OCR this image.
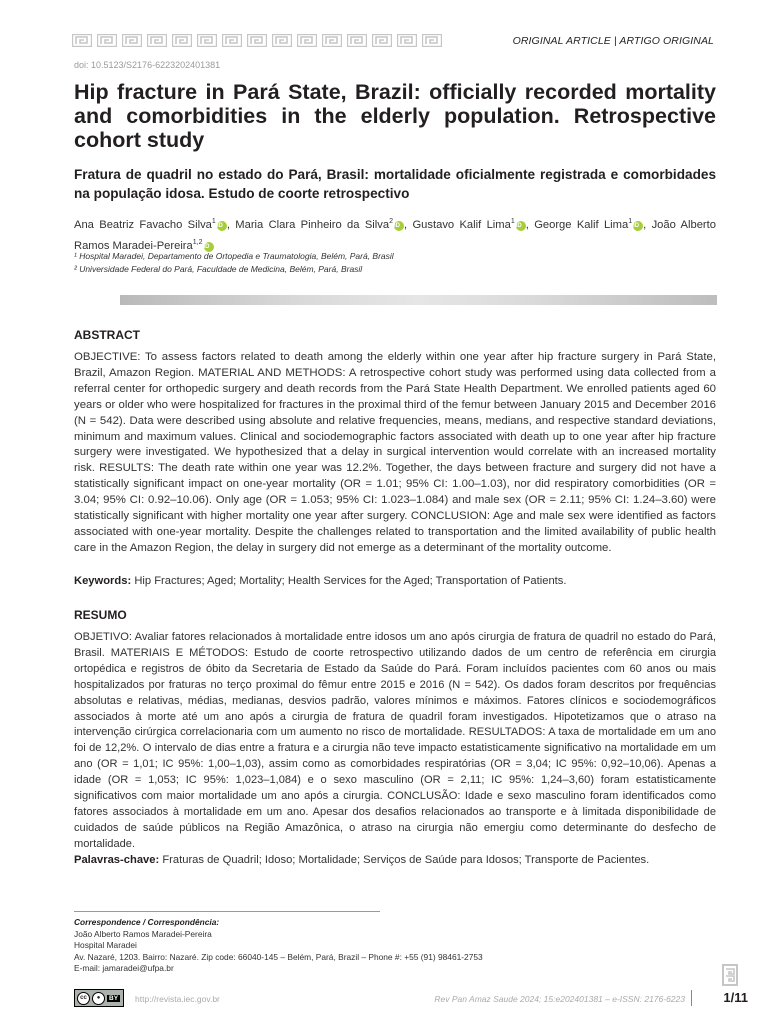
ORIGINAL ARTICLE | ARTIGO ORIGINAL
doi: 10.5123/S2176-6223202401381
Hip fracture in Pará State, Brazil: officially recorded mortality and comorbidities in the elderly population. Retrospective cohort study
Fratura de quadril no estado do Pará, Brasil: mortalidade oficialmente registrada e comorbidades na população idosa. Estudo de coorte retrospectivo
Ana Beatriz Favacho Silva$^1$iD , Maria Clara Pinheiro da Silva$^2$iD , Gustavo Kalif Lima$^1$iD , George Kalif Lima$^1$iD , João Alberto Ramos Maradei-Pereira$^{1,2}$iD
¹ Hospital Maradei, Departamento de Ortopedia e Traumatologia, Belém, Pará, Brasil
² Universidade Federal do Pará, Faculdade de Medicina, Belém, Pará, Brasil
ABSTRACT

OBJECTIVE: To assess factors related to death among the elderly within one year after hip fracture surgery in Pará State, Brazil, Amazon Region. MATERIAL AND METHODS: A retrospective cohort study was performed using data collected from a referral center for orthopedic surgery and death records from the Pará State Health Department. We enrolled patients aged 60 years or older who were hospitalized for fractures in the proximal third of the femur between January 2015 and December 2016 (N = 542). Data were described using absolute and relative frequencies, means, medians, and respective standard deviations, minimum and maximum values. Clinical and sociodemographic factors associated with death up to one year after hip fracture surgery were investigated. We hypothesized that a delay in surgical intervention would correlate with an increased mortality risk. RESULTS: The death rate within one year was 12.2%. Together, the days between fracture and surgery did not have a statistically significant impact on one-year mortality (OR = 1.01; 95% CI: 1.00–1.03), nor did respiratory comorbidities (OR = 3.04; 95% CI: 0.92–10.06). Only age (OR = 1.053; 95% CI: 1.023–1.084) and male sex (OR = 2.11; 95% CI: 1.24–3.60) were statistically significant with higher mortality one year after surgery. CONCLUSION: Age and male sex were identified as factors associated with one-year mortality. Despite the challenges related to transportation and the limited availability of public health care in the Amazon Region, the delay in surgery did not emerge as a determinant of the mortality outcome.

Keywords: Hip Fractures; Aged; Mortality; Health Services for the Aged; Transportation of Patients.
RESUMO

OBJETIVO: Avaliar fatores relacionados à mortalidade entre idosos um ano após cirurgia de fratura de quadril no estado do Pará, Brasil. MATERIAIS E MÉTODOS: Estudo de coorte retrospectivo utilizando dados de um centro de referência em cirurgia ortopédica e registros de óbito da Secretaria de Estado da Saúde do Pará. Foram incluídos pacientes com 60 anos ou mais hospitalizados por fraturas no terço proximal do fêmur entre 2015 e 2016 (N = 542). Os dados foram descritos por frequências absolutas e relativas, médias, medianas, desvios padrão, valores mínimos e máximos. Fatores clínicos e sociodemográficos associados à morte até um ano após a cirurgia de fratura de quadril foram investigados. Hipotetizamos que o atraso na intervenção cirúrgica correlacionaria com um aumento no risco de mortalidade. RESULTADOS: A taxa de mortalidade em um ano foi de 12,2%. O intervalo de dias entre a fratura e a cirurgia não teve impacto estatisticamente significativo na mortalidade em um ano (OR = 1,01; IC 95%: 1,00–1,03), assim como as comorbidades respiratórias (OR = 3,04; IC 95%: 0,92–10,06). Apenas a idade (OR = 1,053; IC 95%: 1,023–1,084) e o sexo masculino (OR = 2,11; IC 95%: 1,24–3,60) foram estatisticamente significativos com maior mortalidade um ano após a cirurgia. CONCLUSÃO: Idade e sexo masculino foram identificados como fatores associados à mortalidade em um ano. Apesar dos desafios relacionados ao transporte e à limitada disponibilidade de cuidados de saúde públicos na Região Amazônica, o atraso na cirurgia não emergiu como determinante do desfecho de mortalidade.

Palavras-chave: Fraturas de Quadril; Idoso; Mortalidade; Serviços de Saúde para Idosos; Transporte de Pacientes.
Correspondence / Correspondência:
João Alberto Ramos Maradei-Pereira
Hospital Maradei
Av. Nazaré, 1203. Bairro: Nazaré. Zip code: 66040-145 – Belém, Pará, Brazil – Phone #: +55 (91) 98461-2753
E-mail: jamaradei@ufpa.br
cc	●	BY http://revista.iec.gov.br	Rev Pan Amaz Saude 2024; 15:e202401381 – e-ISSN: 2176-6223	1/11
